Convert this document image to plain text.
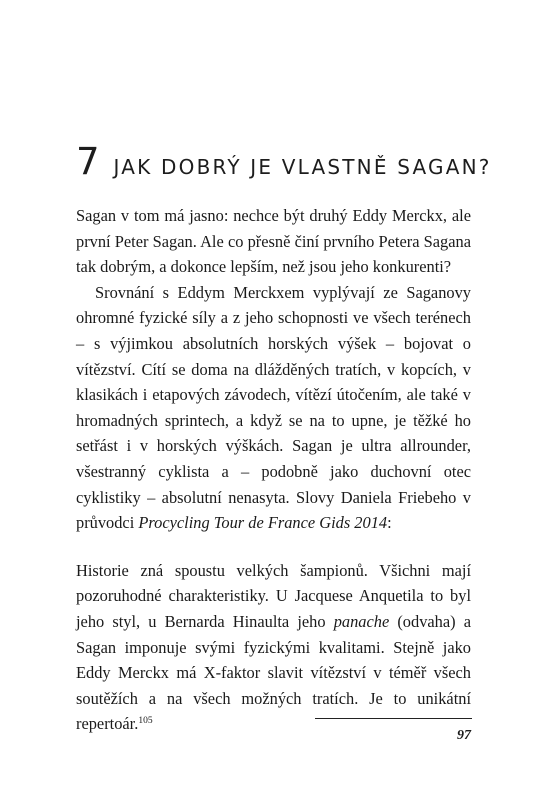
7 JAK DOBRÝ JE VLASTNĚ SAGAN?

Sagan v tom má jasno: nechce být druhý Eddy Merckx, ale první Peter Sagan. Ale co přesně činí prvního Petera Sagana tak dobrým, a dokonce lepším, než jsou jeho konkurenti?

Srovnání s Eddym Merckxem vyplývají ze Saganovy ohromné fyzické síly a z jeho schopnosti ve všech terénech – s výjimkou absolutních horských výšek – bojovat o vítězství. Cítí se doma na dlážděných tratích, v kopcích, v klasikách i etapových závodech, vítězí útočením, ale také v hromadných sprintech, a když se na to upne, je těžké ho setřást i v horských výškách. Sagan je ultra allrounder, všestranný cyklista a – podobně jako duchovní otec cyklistiky – absolutní nenasyta. Slovy Daniela Friebeho v průvodci Procycling Tour de France Gids 2014:

Historie zná spoustu velkých šampionů. Všichni mají pozoruhodné charakteristiky. U Jacquese Anquetila to byl jeho styl, u Bernarda Hinaulta jeho panache (odvaha) a Sagan imponuje svými fyzickými kvalitami. Stejně jako Eddy Merckx má X-faktor slavit vítězství v téměř všech soutěžích a na všech možných tratích. Je to unikátní repertoár.$^{105}$

97
